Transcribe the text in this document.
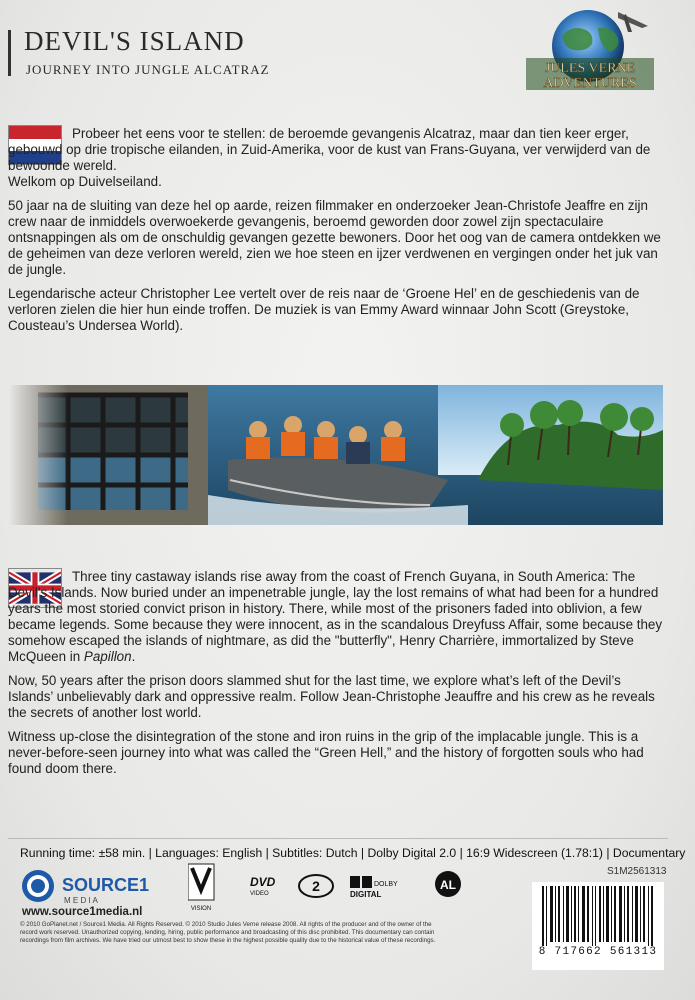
DEVIL'S ISLAND
JOURNEY INTO JUNGLE ALCATRAZ	JULES VERNE
ADVENTURES
Probeer het eens voor te stellen: de beroemde gevangenis Alcatraz, maar dan tien keer erger, gebouwd op drie tropische eilanden, in Zuid-Amerika, voor de kust van Frans-Guyana, ver verwijderd van de bewoonde wereld.
Welkom op Duivelseiland.
50 jaar na de sluiting van deze hel op aarde, reizen filmmaker en onderzoeker Jean-Christofe Jeaffre en zijn crew naar de inmiddels overwoekerde gevangenis, beroemd geworden door zowel zijn spectaculaire ontsnappingen als om de onschuldig gevangen gezette bewoners. Door het oog van de camera ontdekken we de geheimen van deze verloren wereld, zien we hoe steen en ijzer verdwenen en vergingen onder het juk van de jungle.
Legendarische acteur Christopher Lee vertelt over de reis naar de ‘Groene Hel’ en de geschiedenis van de verloren zielen die hier hun einde troffen. De muziek is van Emmy Award winnaar John Scott (Greystoke, Cousteau’s Undersea World).
Three tiny castaway islands rise away from the coast of French Guyana, in South America: The Devil’s Islands. Now buried under an impenetrable jungle, lay the lost remains of what had been for a hundred years the most storied convict prison in history. There, while most of the prisoners faded into oblivion, a few became legends. Some because they were innocent, as in the scandalous Dreyfuss Affair, some because they somehow escaped the islands of nightmare, as did the "butterfly", Henry Charrière, immortalized by Steve McQueen in Papillon.
Now, 50 years after the prison doors slammed shut for the last time, we explore what’s left of the Devil’s Islands’ unbelievably dark and oppressive realm. Follow Jean-Christophe Jeauffre and his crew as he reveals the secrets of another lost world.
Witness up-close the disintegration of the stone and iron ruins in the grip of the implacable jungle. This is a never-before-seen journey into what was called the “Green Hell,” and the history of forgotten souls who had found doom there.
Running time: ±58 min. | Languages: English | Subtitles: Dutch | Dolby Digital 2.0 | 16:9 Widescreen (1.78:1) | Documentary
S1M2561313
SOURCE1
M E D I A
www.source1media.nl	VISION
DVD
VIDEO	2	DOLBY
DIGITAL
AL
© 2010 GoPlanet.net / Source1 Media. All Rights Reserved. © 2010 Studio Jules Verne release 2008. All rights of the producer and of the owner of the record work reserved. Unauthorized copying, lending, hiring, public performance and broadcasting of this disc prohibited. This documentary can contain recordings from film archives. We have tried our utmost best to show these in the highest possible quality due to the historical value of these recordings.
8 717662 561313
